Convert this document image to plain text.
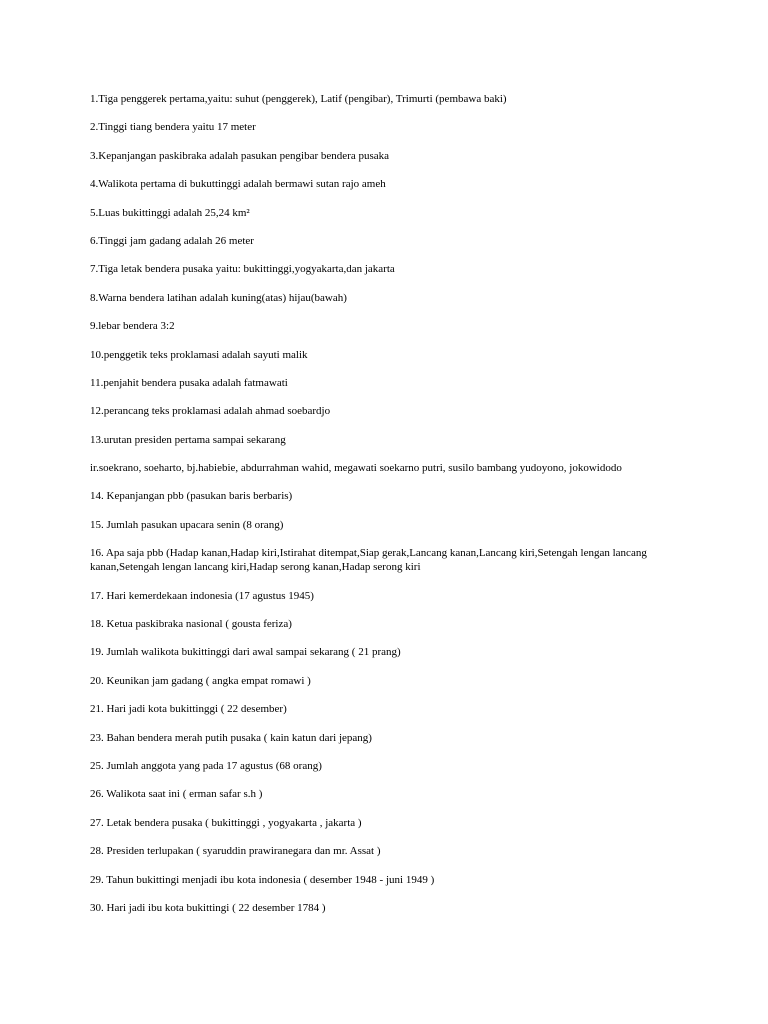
1.Tiga penggerek pertama,yaitu: suhut (penggerek), Latif (pengibar), Trimurti (pembawa baki)

2.Tinggi tiang bendera yaitu 17 meter

3.Kepanjangan paskibraka adalah pasukan pengibar bendera pusaka

4.Walikota pertama di bukuttinggi adalah bermawi sutan rajo ameh

5.Luas bukittinggi adalah 25,24 km²

6.Tinggi jam gadang adalah 26 meter

7.Tiga letak bendera pusaka yaitu: bukittinggi,yogyakarta,dan jakarta

8.Warna bendera latihan adalah kuning(atas) hijau(bawah)

9.lebar bendera 3:2

10.penggetik teks proklamasi adalah sayuti malik

11.penjahit bendera pusaka adalah fatmawati

12.perancang teks proklamasi adalah ahmad soebardjo

13.urutan presiden pertama sampai sekarang

ir.soekrano, soeharto, bj.habiebie, abdurrahman wahid, megawati soekarno putri, susilo bambang yudoyono, jokowidodo

14. Kepanjangan pbb (pasukan baris berbaris)

15. Jumlah pasukan upacara senin (8 orang)

16. Apa saja pbb (Hadap kanan,Hadap kiri,Istirahat ditempat,Siap gerak,Lancang kanan,Lancang kiri,Setengah lengan lancang kanan,Setengah lengan lancang kiri,Hadap serong kanan,Hadap serong kiri

17. Hari kemerdekaan indonesia (17 agustus 1945)

18. Ketua paskibraka nasional ( gousta feriza)

19. Jumlah walikota bukittinggi dari awal sampai sekarang ( 21 prang)

20. Keunikan jam gadang ( angka empat romawi )

21. Hari jadi kota bukittinggi ( 22 desember)

23. Bahan bendera merah putih pusaka ( kain katun dari jepang)

25. Jumlah anggota yang pada 17 agustus (68 orang)

26. Walikota saat ini ( erman safar s.h )

27. Letak bendera pusaka ( bukittinggi , yogyakarta , jakarta )

28. Presiden terlupakan ( syaruddin prawiranegara dan mr. Assat )

29. Tahun bukittingi menjadi ibu kota indonesia ( desember 1948 - juni 1949 )

30. Hari jadi ibu kota bukittingi ( 22 desember 1784 )
